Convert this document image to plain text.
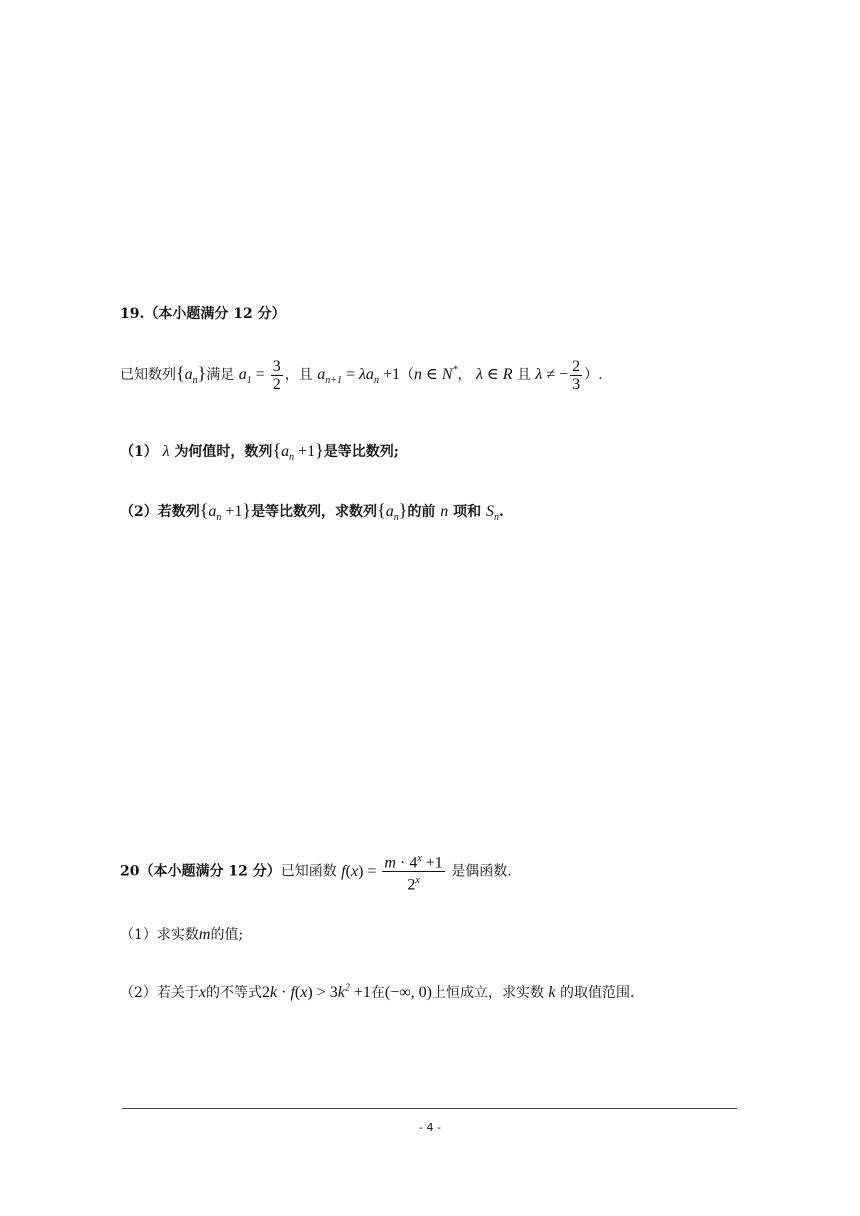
19.（本小题满分 12 分）
已知数列$\{a_n\}$满足 $a_1 = \frac{3}{2}$ ，且 $a_{n+1} = \lambda a_n +1(n$ ∈ N*， λ ∈ R 且 λ ≠ − $\frac{2}{3}$ ）.
（1） λ 为何值时，数列$\{a_n +1\}$是等比数列;
（2）若数列$\{a_n +1\}$是等比数列，求数列$\{a_n\}$的前 n 项和 $S_n$.
20（本小题满分 12 分）已知函数 $f(x) = \frac{m \cdot 4^x +1}{2^x}$ 是偶函数.
（1）求实数m的值;
（2）若关于x的不等式$2k \cdot f(x) > 3k^2 +1$在(−∞, 0)上恒成立，求实数 k 的取值范围.
- 4 -
